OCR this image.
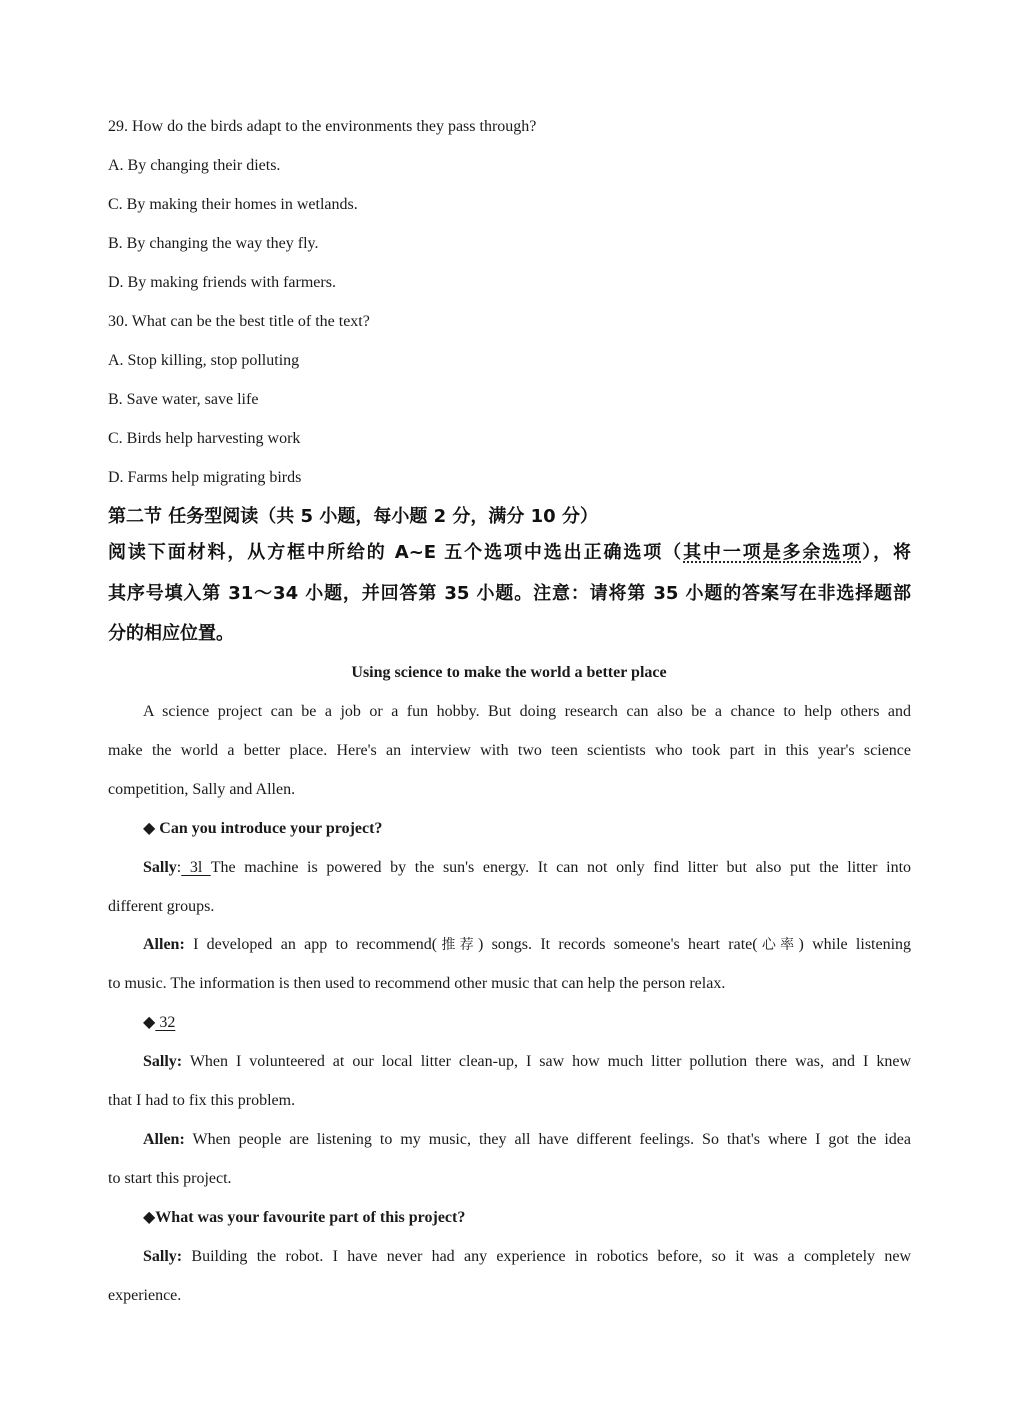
29. How do the birds adapt to the environments they pass through?
A. By changing their diets.
C. By making their homes in wetlands.
B. By changing the way they fly.
D. By making friends with farmers.
30. What can be the best title of the text?
A. Stop killing, stop polluting
B. Save water, save life
C. Birds help harvesting work
D. Farms help migrating birds
第二节 任务型阅读（共 5 小题，每小题 2 分，满分 10 分）
阅读下面材料，从方框中所给的 A~E 五个选项中选出正确选项（其中一项是多余选项），将
其序号填入第 31～34 小题，并回答第 35 小题。注意：请将第 35 小题的答案写在非选择题部
分的相应位置。
Using science to make the world a better place
A science project can be a job or a fun hobby. But doing research can also be a chance to help others and
make the world a better place. Here's an interview with two teen scientists who took part in this year's science
competition, Sally and Allen.
◆ Can you introduce your project?
Sally: 3l The machine is powered by the sun's energy. It can not only find litter but also put the litter into
different groups.
Allen: I developed an app to recommend(推荐) songs. It records someone's heart rate(心率) while listening
to music. The information is then used to recommend other music that can help the person relax.
◆ 32
Sally: When I volunteered at our local litter clean-up, I saw how much litter pollution there was, and I knew
that I had to fix this problem.
Allen: When people are listening to my music, they all have different feelings. So that's where I got the idea
to start this project.
◆What was your favourite part of this project?
Sally: Building the robot. I have never had any experience in robotics before, so it was a completely new
experience.
